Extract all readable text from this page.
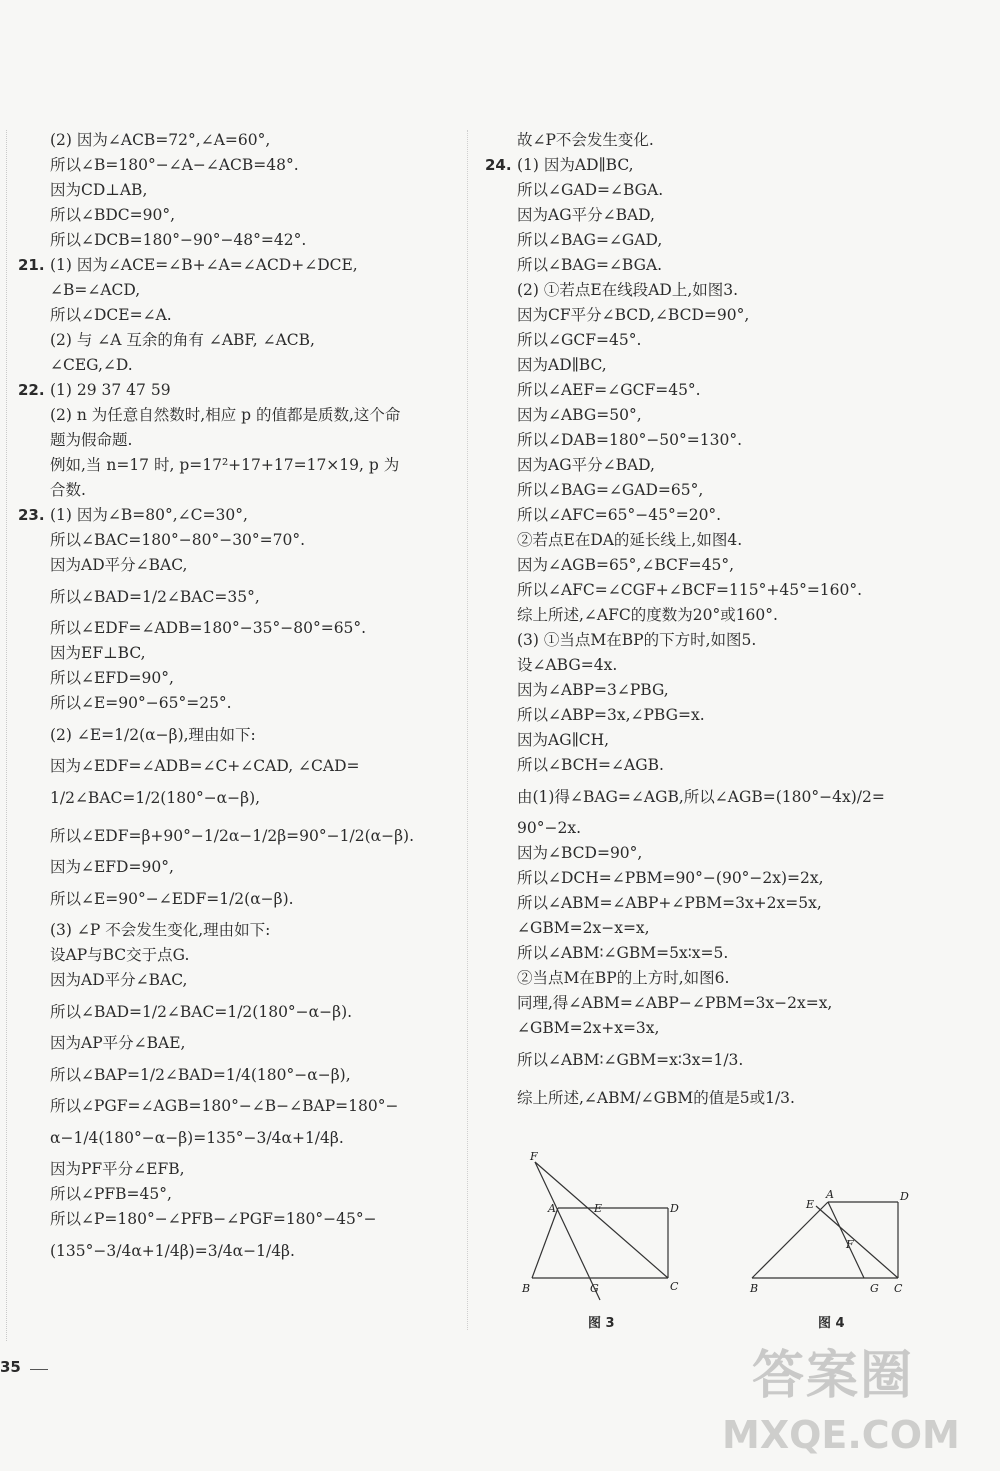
(2) 因为∠ACB=72°,∠A=60°,
所以∠B=180°−∠A−∠ACB=48°.
因为CD⊥AB,
所以∠BDC=90°,
所以∠DCB=180°−90°−48°=42°.
21. (1) 因为∠ACE=∠B+∠A=∠ACD+∠DCE,
∠B=∠ACD,
所以∠DCE=∠A.
(2) 与 ∠A 互余的角有 ∠ABF, ∠ACB,
∠CEG,∠D.
22. (1) 29 37 47 59
(2) n 为任意自然数时,相应 p 的值都是质数,这个命
题为假命题.
例如,当 n=17 时, p=17²+17+17=17×19, p 为
合数.
23. (1) 因为∠B=80°,∠C=30°,
所以∠BAC=180°−80°−30°=70°.
因为AD平分∠BAC,
所以∠BAD=1/2∠BAC=35°,
所以∠EDF=∠ADB=180°−35°−80°=65°.
因为EF⊥BC,
所以∠EFD=90°,
所以∠E=90°−65°=25°.
(2) ∠E=1/2(α−β),理由如下:
因为∠EDF=∠ADB=∠C+∠CAD, ∠CAD=
1/2∠BAC=1/2(180°−α−β),
所以∠EDF=β+90°−1/2α−1/2β=90°−1/2(α−β).
因为∠EFD=90°,
所以∠E=90°−∠EDF=1/2(α−β).
(3) ∠P 不会发生变化,理由如下:
设AP与BC交于点G.
因为AD平分∠BAC,
所以∠BAD=1/2∠BAC=1/2(180°−α−β).
因为AP平分∠BAE,
所以∠BAP=1/2∠BAD=1/4(180°−α−β),
所以∠PGF=∠AGB=180°−∠B−∠BAP=180°−
α−1/4(180°−α−β)=135°−3/4α+1/4β.
因为PF平分∠EFB,
所以∠PFB=45°,
所以∠P=180°−∠PFB−∠PGF=180°−45°−
(135°−3/4α+1/4β)=3/4α−1/4β.
故∠P不会发生变化.
24. (1) 因为AD∥BC,
所以∠GAD=∠BGA.
因为AG平分∠BAD,
所以∠BAG=∠GAD,
所以∠BAG=∠BGA.
(2) ①若点E在线段AD上,如图3.
因为CF平分∠BCD,∠BCD=90°,
所以∠GCF=45°.
因为AD∥BC,
所以∠AEF=∠GCF=45°.
因为∠ABG=50°,
所以∠DAB=180°−50°=130°.
因为AG平分∠BAD,
所以∠BAG=∠GAD=65°,
所以∠AFC=65°−45°=20°.
②若点E在DA的延长线上,如图4.
因为∠AGB=65°,∠BCF=45°,
所以∠AFC=∠CGF+∠BCF=115°+45°=160°.
综上所述,∠AFC的度数为20°或160°.
(3) ①当点M在BP的下方时,如图5.
设∠ABG=4x.
因为∠ABP=3∠PBG,
所以∠ABP=3x,∠PBG=x.
因为AG∥CH,
所以∠BCH=∠AGB.
由(1)得∠BAG=∠AGB,所以∠AGB=(180°−4x)/2=
90°−2x.
因为∠BCD=90°,
所以∠DCH=∠PBM=90°−(90°−2x)=2x,
所以∠ABM=∠ABP+∠PBM=3x+2x=5x,
∠GBM=2x−x=x,
所以∠ABM∶∠GBM=5x∶x=5.
②当点M在BP的上方时,如图6.
同理,得∠ABM=∠ABP−∠PBM=3x−2x=x,
∠GBM=2x+x=3x,
所以∠ABM∶∠GBM=x∶3x=1/3.
综上所述,∠ABM/∠GBM的值是5或1/3.
F
A	E	D
B	G	C
图 3
E
A	D
F
B	G C
图 4
35	答案圈
MXQE.COM
